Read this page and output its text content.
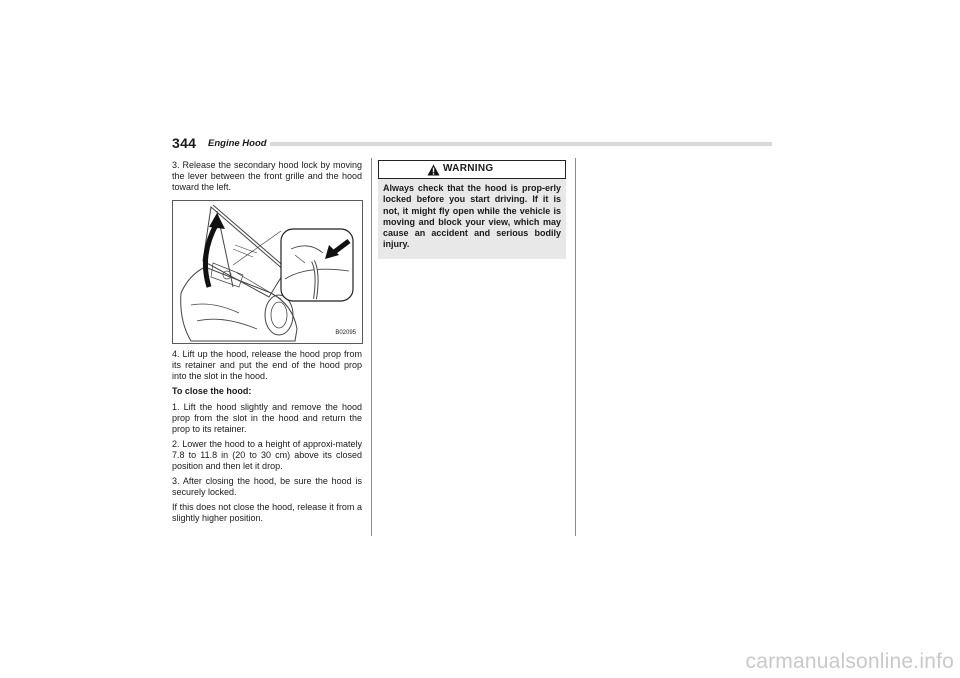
344 Engine Hood

3. Release the secondary hood lock by moving the lever between the front grille and the hood toward the left.

B02095

4. Lift up the hood, release the hood prop from its retainer and put the end of the hood prop into the slot in the hood.

To close the hood:

1. Lift the hood slightly and remove the hood prop from the slot in the hood and return the prop to its retainer.

2. Lower the hood to a height of approxi-mately 7.8 to 11.8 in (20 to 30 cm) above its closed position and then let it drop.

3. After closing the hood, be sure the hood is securely locked.

If this does not close the hood, release it from a slightly higher position.

WARNING
Always check that the hood is prop-erly locked before you start driving. If it is not, it might fly open while the vehicle is moving and block your view, which may cause an accident and serious bodily injury.
carmanualsonline.info
